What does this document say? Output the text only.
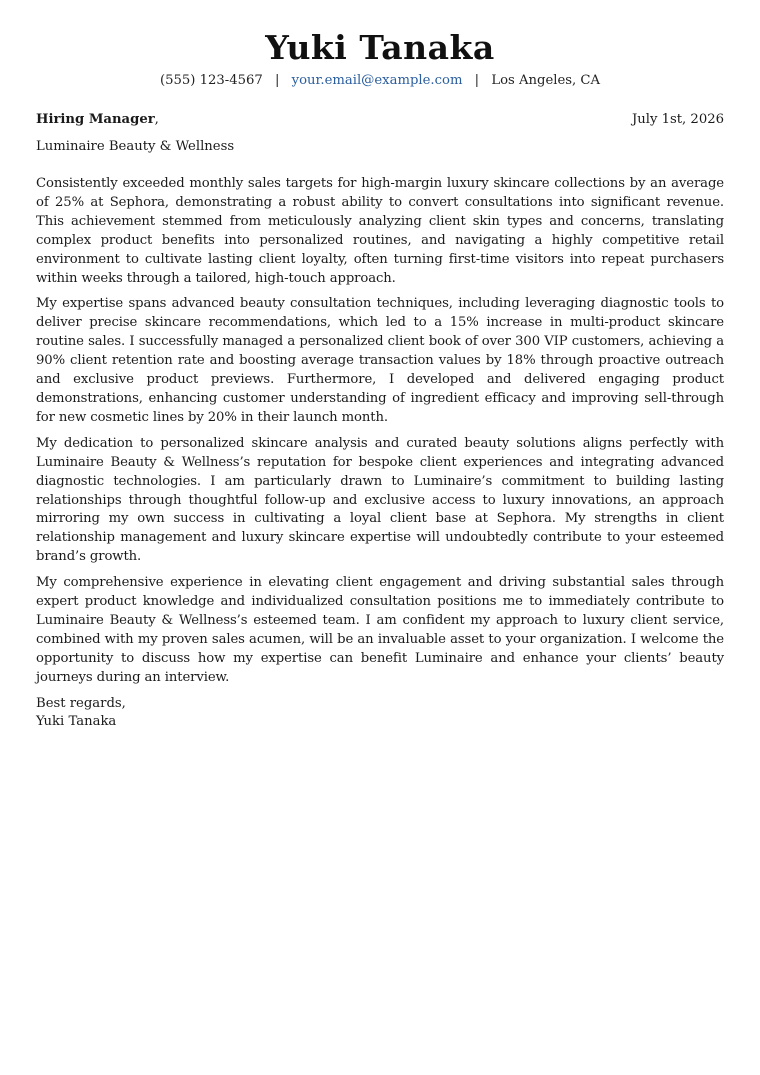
Yuki Tanaka
(555) 123-4567 | your.email@example.com | Los Angeles, CA
Hiring Manager,	July 1st, 2026
Luminaire Beauty & Wellness

Consistently exceeded monthly sales targets for high-margin luxury skincare collections by an average of 25% at Sephora, demonstrating a robust ability to convert consultations into significant revenue. This achievement stemmed from meticulously analyzing client skin types and concerns, translating complex product benefits into personalized routines, and navigating a highly competitive retail environment to cultivate lasting client loyalty, often turning first-time visitors into repeat purchasers within weeks through a tailored, high-touch approach.

My expertise spans advanced beauty consultation techniques, including leveraging diagnostic tools to deliver precise skincare recommendations, which led to a 15% increase in multi-product skincare routine sales. I successfully managed a personalized client book of over 300 VIP customers, achieving a 90% client retention rate and boosting average transaction values by 18% through proactive outreach and exclusive product previews. Furthermore, I developed and delivered engaging product demonstrations, enhancing customer understanding of ingredient efficacy and improving sell-through for new cosmetic lines by 20% in their launch month.

My dedication to personalized skincare analysis and curated beauty solutions aligns perfectly with Luminaire Beauty & Wellness’s reputation for bespoke client experiences and integrating advanced diagnostic technologies. I am particularly drawn to Luminaire’s commitment to building lasting relationships through thoughtful follow-up and exclusive access to luxury innovations, an approach mirroring my own success in cultivating a loyal client base at Sephora. My strengths in client relationship management and luxury skincare expertise will undoubtedly contribute to your esteemed brand’s growth.

My comprehensive experience in elevating client engagement and driving substantial sales through expert product knowledge and individualized consultation positions me to immediately contribute to Luminaire Beauty & Wellness’s esteemed team. I am confident my approach to luxury client service, combined with my proven sales acumen, will be an invaluable asset to your organization. I welcome the opportunity to discuss how my expertise can benefit Luminaire and enhance your clients’ beauty journeys during an interview.

Best regards,
Yuki Tanaka
